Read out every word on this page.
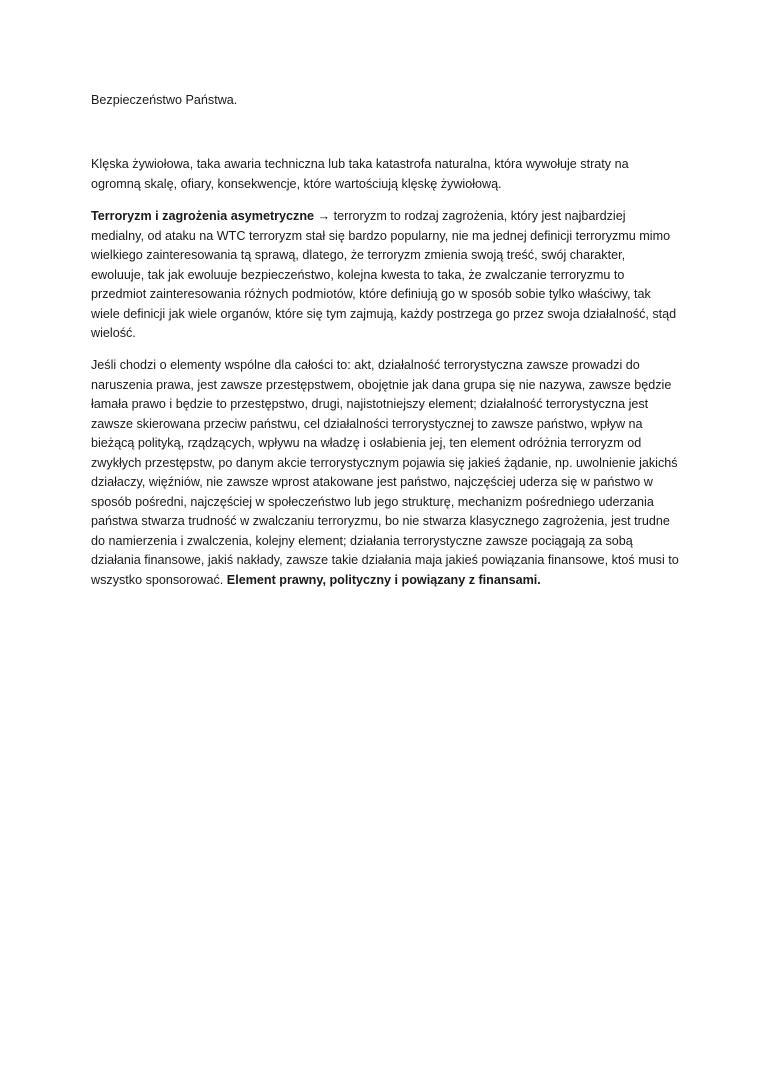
Bezpieczeństwo Państwa.

Klęska żywiołowa, taka awaria techniczna lub taka katastrofa naturalna, która wywołuje straty na ogromną skalę, ofiary, konsekwencje, które wartościują klęskę żywiołową.

Terroryzm i zagrożenia asymetryczne → terroryzm to rodzaj zagrożenia, który jest najbardziej medialny, od ataku na WTC terroryzm stał się bardzo popularny, nie ma jednej definicji terroryzmu mimo wielkiego zainteresowania tą sprawą, dlatego, że terroryzm zmienia swoją treść, swój charakter, ewoluuje, tak jak ewoluuje bezpieczeństwo, kolejna kwesta to taka, że zwalczanie terroryzmu to przedmiot zainteresowania różnych podmiotów, które definiują go w sposób sobie tylko właściwy, tak wiele definicji jak wiele organów, które się tym zajmują, każdy postrzega go przez swoja działalność, stąd wielość.

Jeśli chodzi o elementy wspólne dla całości to: akt, działalność terrorystyczna zawsze prowadzi do naruszenia prawa, jest zawsze przestępstwem, obojętnie jak dana grupa się nie nazywa, zawsze będzie łamała prawo i będzie to przestępstwo, drugi, najistotniejszy element; działalność terrorystyczna jest zawsze skierowana przeciw państwu, cel działalności terrorystycznej to zawsze państwo, wpływ na bieżącą polityką, rządzących, wpływu na władzę i osłabienia jej, ten element odróżnia terroryzm od zwykłych przestępstw, po danym akcie terrorystycznym pojawia się jakieś żądanie, np. uwolnienie jakichś działaczy, więźniów, nie zawsze wprost atakowane jest państwo, najczęściej uderza się w państwo w sposób pośredni, najczęściej w społeczeństwo lub jego strukturę, mechanizm pośredniego uderzania państwa stwarza trudność w zwalczaniu terroryzmu, bo nie stwarza klasycznego zagrożenia, jest trudne do namierzenia i zwalczenia, kolejny element; działania terrorystyczne zawsze pociągają za sobą działania finansowe, jakiś nakłady, zawsze takie działania maja jakieś powiązania finansowe, ktoś musi to wszystko sponsorować. Element prawny, polityczny i powiązany z finansami.
